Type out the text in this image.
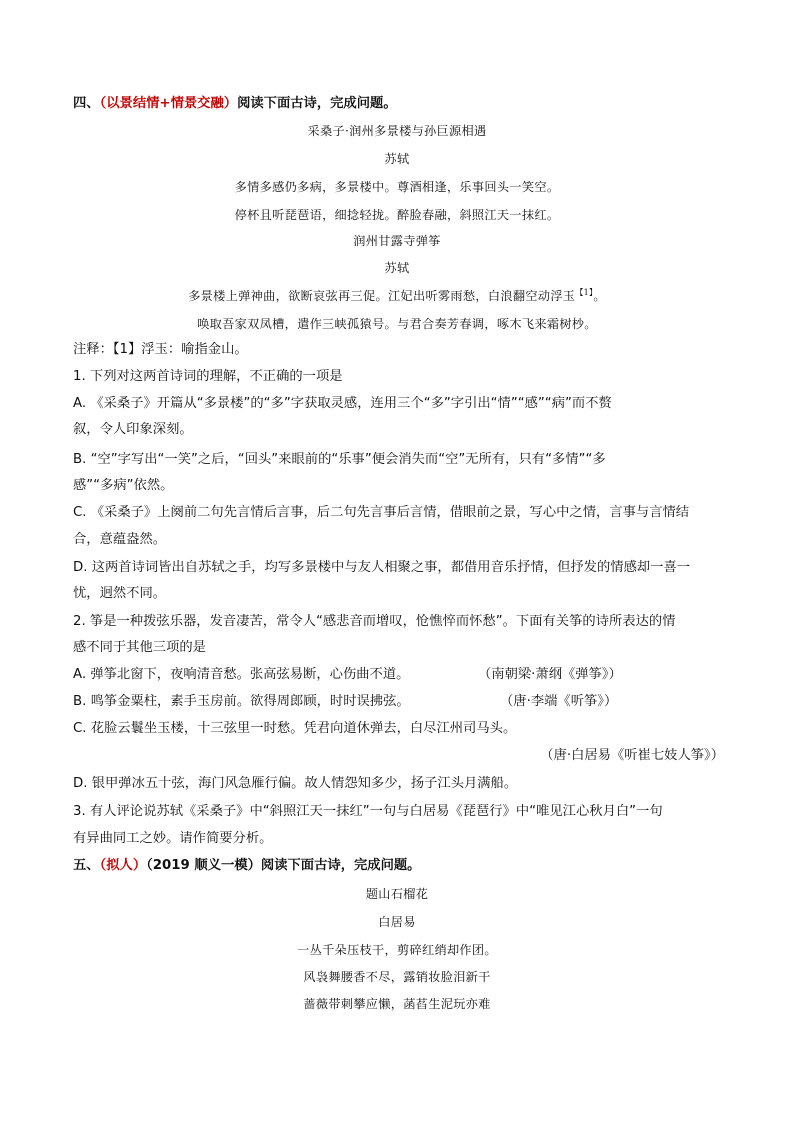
四、（以景结情+情景交融）阅读下面古诗，完成问题。
采桑子·润州多景楼与孙巨源相遇
苏轼
多情多感仍多病，多景楼中。尊酒相逢，乐事回头一笑空。
停杯且听琵琶语，细捻轻拢。醉脸春融，斜照江天一抹红。
润州甘露寺弹筝
苏轼
多景楼上弹神曲，欲断哀弦再三促。江妃出听雾雨愁，白浪翻空动浮玉$^{【1】}$。
唤取吾家双凤槽，遣作三峡孤猿号。与君合奏芳春调，啄木飞来霜树杪。
注释：【1】浮玉：喻指金山。
1. 下列对这两首诗词的理解，不正确的一项是
A. 《采桑子》开篇从“多景楼”的“多”字获取灵感，连用三个“多”字引出“情”“感”“病”而不赘
叙，令人印象深刻。
B. “空”字写出“一笑”之后，“回头”来眼前的“乐事”便会消失而“空”无所有，只有“多情”“多
感”“多病”依然。
C. 《采桑子》上阕前二句先言情后言事，后二句先言事后言情，借眼前之景，写心中之情，言事与言情结
合，意蕴盎然。
D. 这两首诗词皆出自苏轼之手，均写多景楼中与友人相聚之事，都借用音乐抒情，但抒发的情感却一喜一
忧，迥然不同。
2. 筝是一种拨弦乐器，发音凄苦，常令人“感悲音而增叹，怆憔悴而怀愁”。下面有关筝的诗所表达的情
感不同于其他三项的是
A. 弹筝北窗下，夜响清音愁。张高弦易断，心伤曲不道。	（南朝梁·萧纲《弹筝》）
B. 鸣筝金粟柱，素手玉房前。欲得周郎顾，时时误拂弦。	（唐·李端《听筝》）
C. 花脸云鬟坐玉楼，十三弦里一时愁。凭君向道休弹去，白尽江州司马头。
（唐·白居易《听崔七妓人筝》）
D. 银甲弹冰五十弦，海门风急雁行偏。故人情怨知多少，扬子江头月满船。
3. 有人评论说苏轼《采桑子》中“斜照江天一抹红”一句与白居易《琵琶行》中“唯见江心秋月白”一句
有异曲同工之妙。请作简要分析。
五、（拟人）（2019 顺义一模）阅读下面古诗，完成问题。
题山石榴花
白居易
一丛千朵压枝干，剪碎红绡却作团。
风袅舞腰香不尽，露销妆脸泪新干
蔷薇带刺攀应懒，菡萏生泥玩亦难
